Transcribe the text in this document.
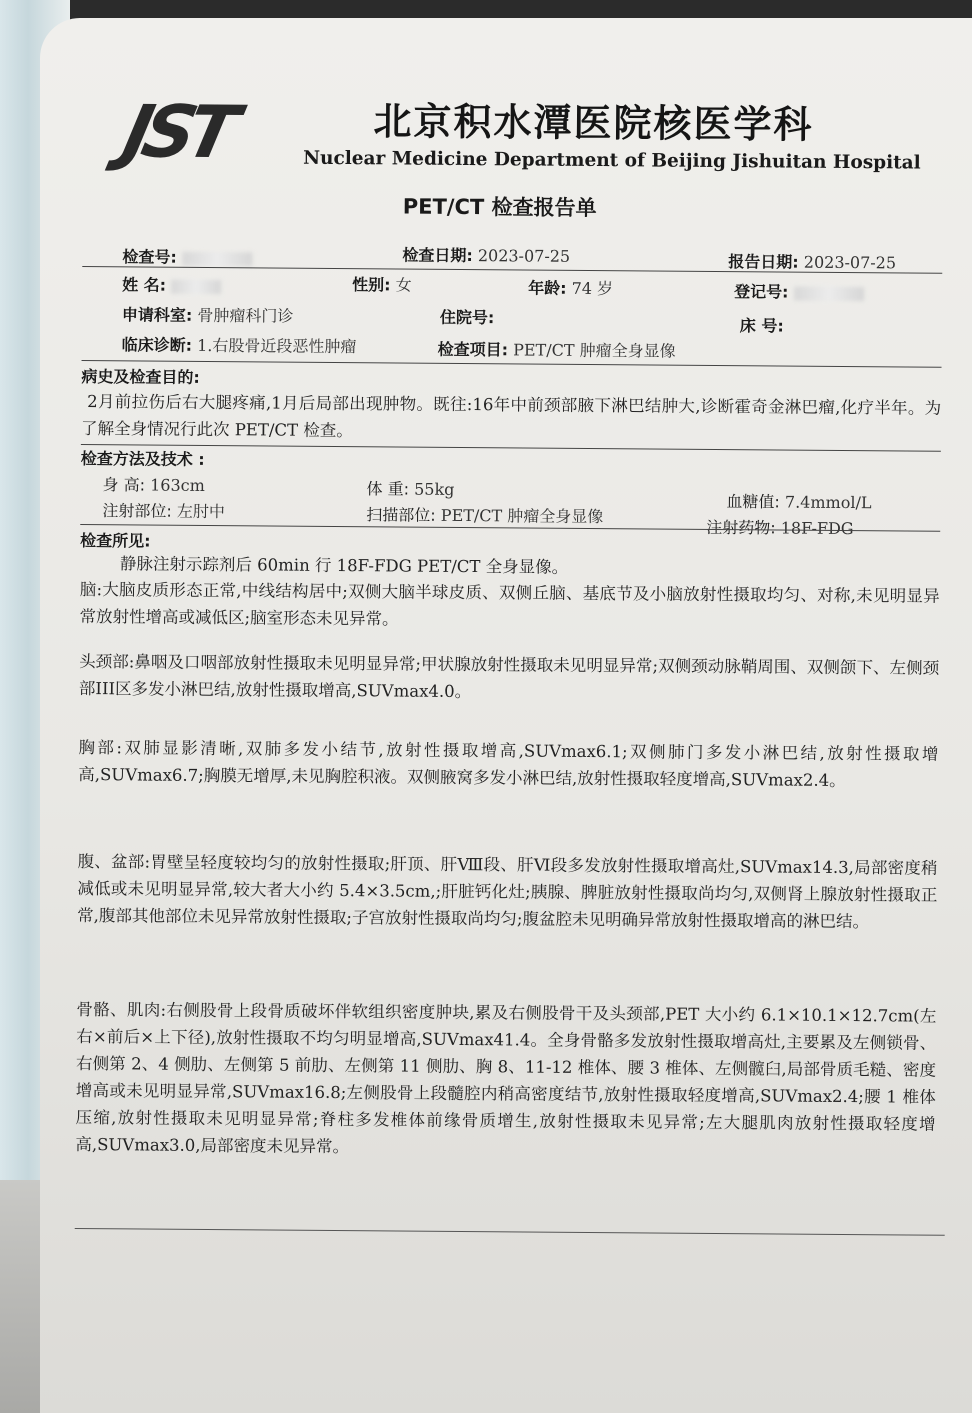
JST	北京积水潭医院核医学科
Nuclear Medicine Department of Beijing Jishuitan Hospital
PET/CT 检查报告单
检查号:	检查日期: 2023-07-25	报告日期: 2023-07-25
姓 名:	性别: 女	年龄: 74 岁	登记号:
申请科室: 骨肿瘤科门诊	住院号:	床 号:
临床诊断: 1.右股骨近段恶性肿瘤	检查项目: PET/CT 肿瘤全身显像
病史及检查目的:
2月前拉伤后右大腿疼痛,1月后局部出现肿物。既往:16年中前颈部腋下淋巴结肿大,诊断霍奇金淋巴瘤,化疗半年。为了解全身情况行此次 PET/CT 检查。
检查方法及技术 :
身 高: 163cm	体 重: 55kg
血糖值: 7.4mmol/L
注射部位: 左肘中	扫描部位: PET/CT 肿瘤全身显像
注射药物: 18F-FDG
检查所见:
静脉注射示踪剂后 60min 行 18F-FDG PET/CT 全身显像。
脑:大脑皮质形态正常,中线结构居中;双侧大脑半球皮质、双侧丘脑、基底节及小脑放射性摄取均匀、对称,未见明显异常放射性增高或减低区;脑室形态未见异常。
头颈部:鼻咽及口咽部放射性摄取未见明显异常;甲状腺放射性摄取未见明显异常;双侧颈动脉鞘周围、双侧颌下、左侧颈部III区多发小淋巴结,放射性摄取增高,SUVmax4.0。
胸部:双肺显影清晰,双肺多发小结节,放射性摄取增高,SUVmax6.1;双侧肺门多发小淋巴结,放射性摄取增高,SUVmax6.7;胸膜无增厚,未见胸腔积液。双侧腋窝多发小淋巴结,放射性摄取轻度增高,SUVmax2.4。
腹、盆部:胃壁呈轻度较均匀的放射性摄取;肝顶、肝Ⅷ段、肝Ⅵ段多发放射性摄取增高灶,SUVmax14.3,局部密度稍减低或未见明显异常,较大者大小约 5.4×3.5cm,;肝脏钙化灶;胰腺、脾脏放射性摄取尚均匀,双侧肾上腺放射性摄取正常,腹部其他部位未见异常放射性摄取;子宫放射性摄取尚均匀;腹盆腔未见明确异常放射性摄取增高的淋巴结。
骨骼、肌肉:右侧股骨上段骨质破坏伴软组织密度肿块,累及右侧股骨干及头颈部,PET 大小约 6.1×10.1×12.7cm(左右×前后×上下径),放射性摄取不均匀明显增高,SUVmax41.4。全身骨骼多发放射性摄取增高灶,主要累及左侧锁骨、右侧第 2、4 侧肋、左侧第 5 前肋、左侧第 11 侧肋、胸 8、11-12 椎体、腰 3 椎体、左侧髋臼,局部骨质毛糙、密度增高或未见明显异常,SUVmax16.8;左侧股骨上段髓腔内稍高密度结节,放射性摄取轻度增高,SUVmax2.4;腰 1 椎体压缩,放射性摄取未见明显异常;脊柱多发椎体前缘骨质增生,放射性摄取未见异常;左大腿肌肉放射性摄取轻度增高,SUVmax3.0,局部密度未见异常。
